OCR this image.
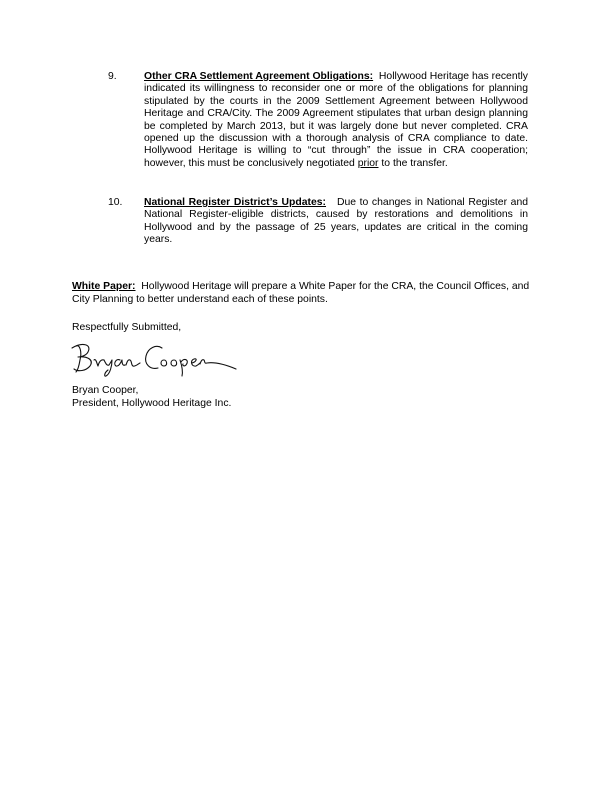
9.	Other CRA Settlement Agreement Obligations: Hollywood Heritage has recently indicated its willingness to reconsider one or more of the obligations for planning stipulated by the courts in the 2009 Settlement Agreement between Hollywood Heritage and CRA/City. The 2009 Agreement stipulates that urban design planning be completed by March 2013, but it was largely done but never completed. CRA opened up the discussion with a thorough analysis of CRA compliance to date. Hollywood Heritage is willing to “cut through” the issue in CRA cooperation; however, this must be conclusively negotiated prior to the transfer.
10. National Register District’s Updates: Due to changes in National Register and National Register-eligible districts, caused by restorations and demolitions in Hollywood and by the passage of 25 years, updates are critical in the coming years.
White Paper: Hollywood Heritage will prepare a White Paper for the CRA, the Council Offices, and City Planning to better understand each of these points.
Respectfully Submitted,
Bryan Cooper,
President, Hollywood Heritage Inc.
